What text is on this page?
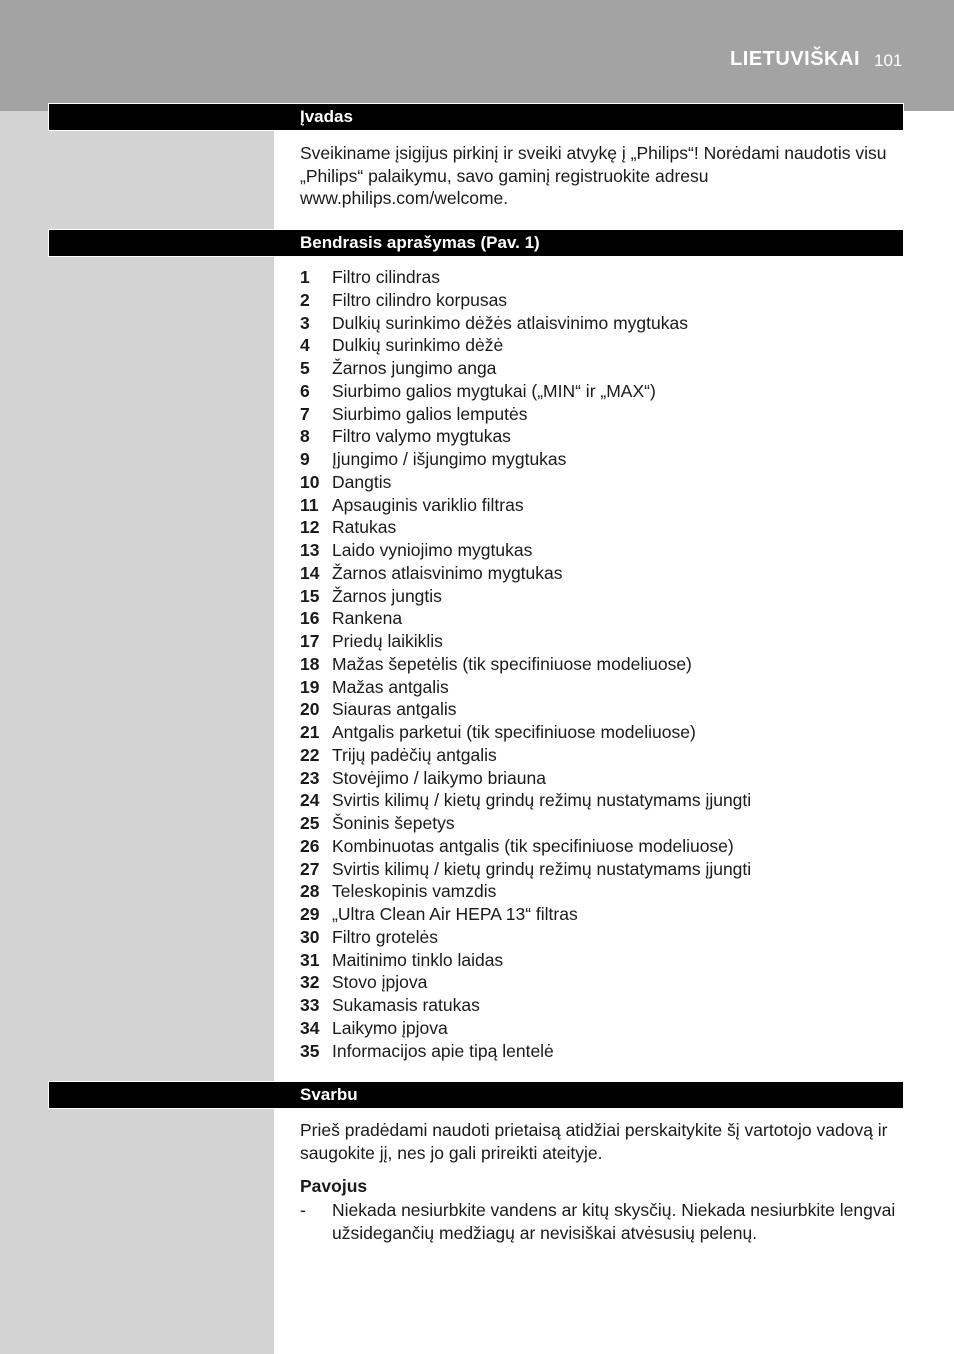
LIETUVIŠKAI 101
Įvadas

Sveikiname įsigijus pirkinį ir sveiki atvykę į „Philips“! Norėdami naudotis visu „Philips“ palaikymu, savo gaminį registruokite adresu www.philips.com/welcome.

Bendrasis aprašymas (Pav. 1)
1	Filtro cilindras
2	Filtro cilindro korpusas
3	Dulkių surinkimo dėžės atlaisvinimo mygtukas
4	Dulkių surinkimo dėžė
5	Žarnos jungimo anga
6	Siurbimo galios mygtukai („MIN“ ir „MAX“)
7	Siurbimo galios lemputės
8	Filtro valymo mygtukas
9	Įjungimo / išjungimo mygtukas
10 Dangtis
11 Apsauginis variklio filtras
12 Ratukas
13 Laido vyniojimo mygtukas
14 Žarnos atlaisvinimo mygtukas
15 Žarnos jungtis
16 Rankena
17 Priedų laikiklis
18 Mažas šepetėlis (tik specifiniuose modeliuose)
19 Mažas antgalis
20 Siauras antgalis
21 Antgalis parketui (tik specifiniuose modeliuose)
22 Trijų padėčių antgalis
23 Stovėjimo / laikymo briauna
24 Svirtis kilimų / kietų grindų režimų nustatymams įjungti
25 Šoninis šepetys
26 Kombinuotas antgalis (tik specifiniuose modeliuose)
27 Svirtis kilimų / kietų grindų režimų nustatymams įjungti
28 Teleskopinis vamzdis
29 „Ultra Clean Air HEPA 13“ filtras
30 Filtro grotelės
31 Maitinimo tinklo laidas
32 Stovo įpjova
33 Sukamasis ratukas
34 Laikymo įpjova
35 Informacijos apie tipą lentelė
Svarbu

Prieš pradėdami naudoti prietaisą atidžiai perskaitykite šį vartotojo vadovą ir saugokite jį, nes jo gali prireikti ateityje.

Pavojus
- Niekada nesiurbkite vandens ar kitų skysčių. Niekada nesiurbkite lengvai užsidegančių medžiagų ar nevisiškai atvėsusių pelenų.
